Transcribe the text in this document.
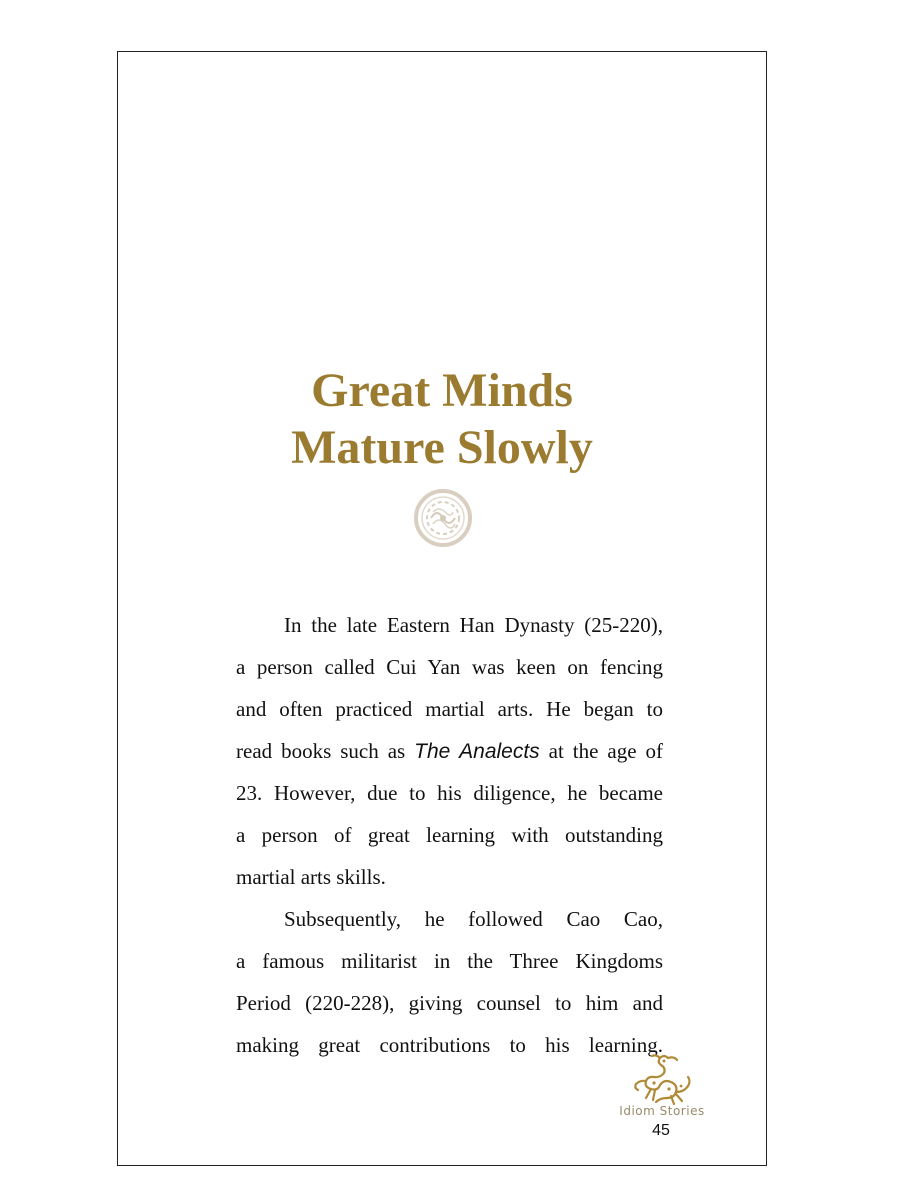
Great Minds
Mature Slowly
In the late Eastern Han Dynasty (25-220),
a person called Cui Yan was keen on fencing
and often practiced martial arts. He began to
read books such as The Analects at the age of
23. However, due to his diligence, he became
a person of great learning with outstanding
martial arts skills.
Subsequently, he followed Cao Cao,
a famous militarist in the Three Kingdoms
Period (220-228), giving counsel to him and
making great contributions to his learning.
Idiom Stories
45
